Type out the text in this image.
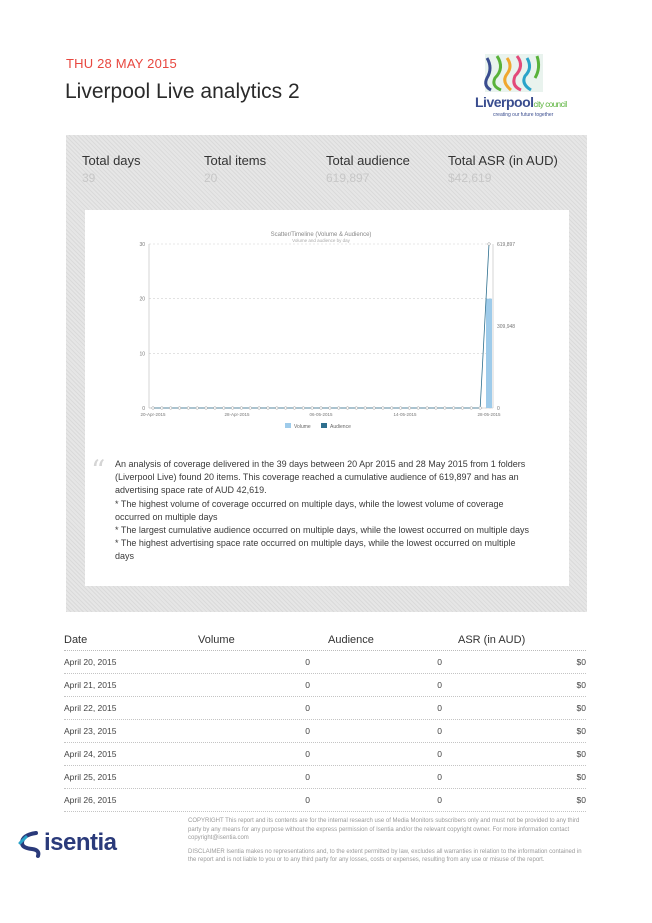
THU 28 MAY 2015
Liverpool Live analytics 2	Liverpoolcity council
creating our future together
Total days
39
Total items
20
Total audience
619,897
Total ASR (in AUD)
$42,619
Scatter/Timeline (Volume & Audience)
Volume and audience by day
0
10
20
30
0
309,948
619,897
20-Apr-2015	28-Apr-2015	06-05-2015	14-05-2015	28-05-2015
Volume	Audience
“ An analysis of coverage delivered in the 39 days between 20 Apr 2015 and 28 May 2015 from 1 folders (Liverpool Live) found 20 items. This coverage reached a cumulative audience of 619,897 and has an advertising space rate of AUD 42,619.

* The highest volume of coverage occurred on multiple days, while the lowest volume of coverage occurred on multiple days

* The largest cumulative audience occurred on multiple days, while the lowest occurred on multiple days

* The highest advertising space rate occurred on multiple days, while the lowest occurred on multiple days

Date	Volume	Audience	ASR (in AUD)
April 20, 2015	0	0	$0
April 21, 2015	0	0	$0
April 22, 2015	0	0	$0
April 23, 2015	0	0	$0
April 24, 2015	0	0	$0
April 25, 2015	0	0	$0
April 26, 2015	0	0	$0
isentia

COPYRIGHT This report and its contents are for the internal research use of Media Monitors subscribers only and must not be provided to any third party by any means for any purpose without the express permission of Isentia and/or the relevant copyright owner. For more information contact copyright@isentia.com

DISCLAIMER Isentia makes no representations and, to the extent permitted by law, excludes all warranties in relation to the information contained in the report and is not liable to you or to any third party for any losses, costs or expenses, resulting from any use or misuse of the report.
